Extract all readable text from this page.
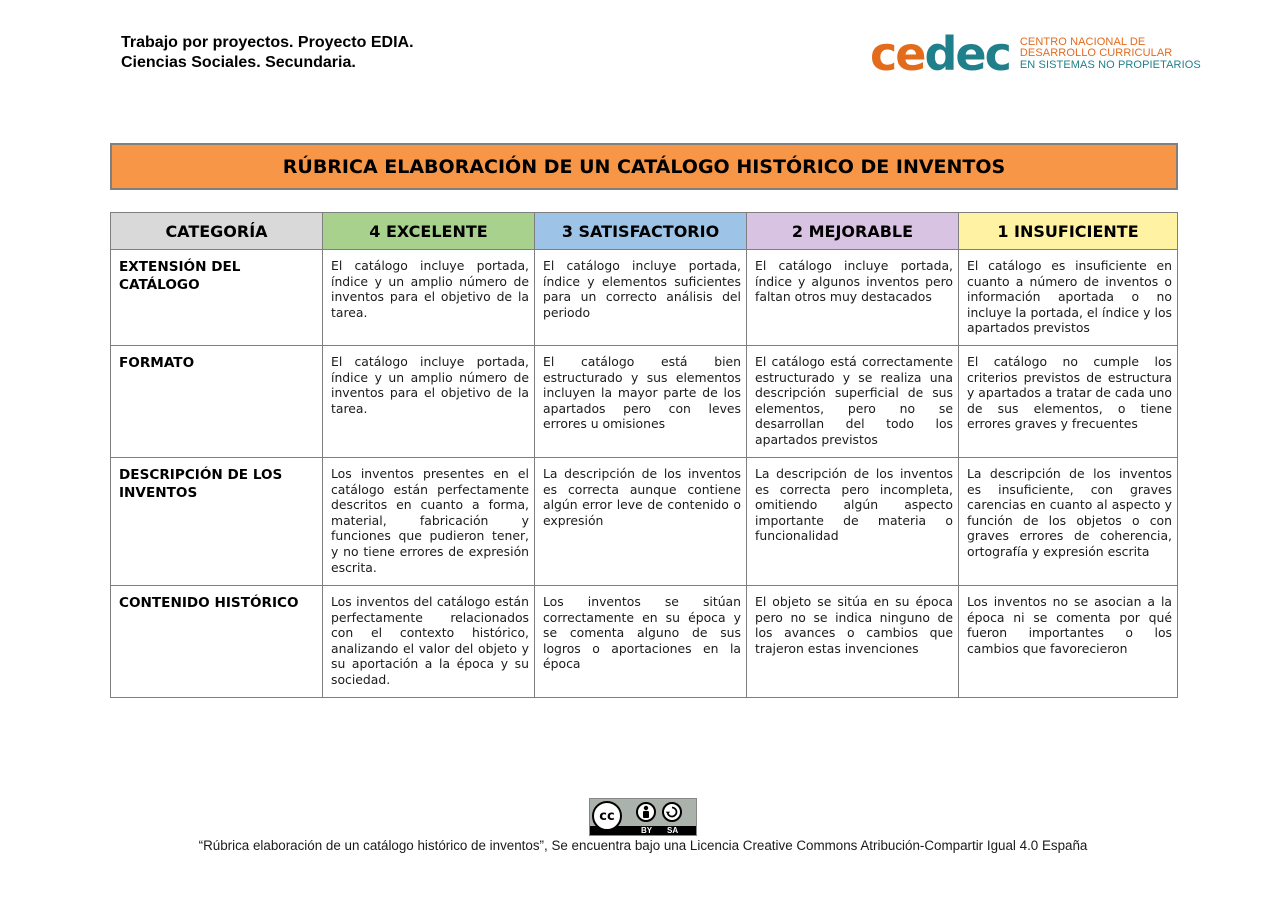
Trabajo por proyectos. Proyecto EDIA.
Ciencias Sociales. Secundaria.	cedec CENTRO NACIONAL DE
DESARROLLO CURRICULAR
EN SISTEMAS NO PROPIETARIOS
RÚBRICA ELABORACIÓN DE UN CATÁLOGO HISTÓRICO DE INVENTOS
CATEGORÍA	4 EXCELENTE	3 SATISFACTORIO	2 MEJORABLE	1 INSUFICIENTE
EXTENSIÓN DEL CATÁLOGO	El catálogo incluye portada, índice y un amplio número de inventos para el objetivo de la tarea.	El catálogo incluye portada, índice y elementos suficientes para un correcto análisis del periodo	El catálogo incluye portada, índice y algunos inventos pero faltan otros muy destacados	El catálogo es insuficiente en cuanto a número de inventos o información aportada o no incluye la portada, el índice y los apartados previstos
FORMATO	El catálogo incluye portada, índice y un amplio número de inventos para el objetivo de la tarea.	El catálogo está bien estructurado y sus elementos incluyen la mayor parte de los apartados pero con leves errores u omisiones	El catálogo está correctamente estructurado y se realiza una descripción superficial de sus elementos, pero no se desarrollan del todo los apartados previstos	El catálogo no cumple los criterios previstos de estructura y apartados a tratar de cada uno de sus elementos, o tiene errores graves y frecuentes
DESCRIPCIÓN DE LOS INVENTOS	Los inventos presentes en el catálogo están perfectamente descritos en cuanto a forma, material, fabricación y funciones que pudieron tener, y no tiene errores de expresión escrita.	La descripción de los inventos es correcta aunque contiene algún error leve de contenido o expresión	La descripción de los inventos es correcta pero incompleta, omitiendo algún aspecto importante de materia o funcionalidad	La descripción de los inventos es insuficiente, con graves carencias en cuanto al aspecto y función de los objetos o con graves errores de coherencia, ortografía y expresión escrita
CONTENIDO HISTÓRICO	Los inventos del catálogo están perfectamente relacionados con el contexto histórico, analizando el valor del objeto y su aportación a la época y su sociedad.	Los inventos se sitúan correctamente en su época y se comenta alguno de sus logros o aportaciones en la época	El objeto se sitúa en su época pero no se indica ninguno de los avances o cambios que trajeron estas invenciones	Los inventos no se asocian a la época ni se comenta por qué fueron importantes o los cambios que favorecieron
cc
BY SA
“Rúbrica elaboración de un catálogo histórico de inventos”, Se encuentra bajo una Licencia Creative Commons Atribución-Compartir Igual 4.0 España
